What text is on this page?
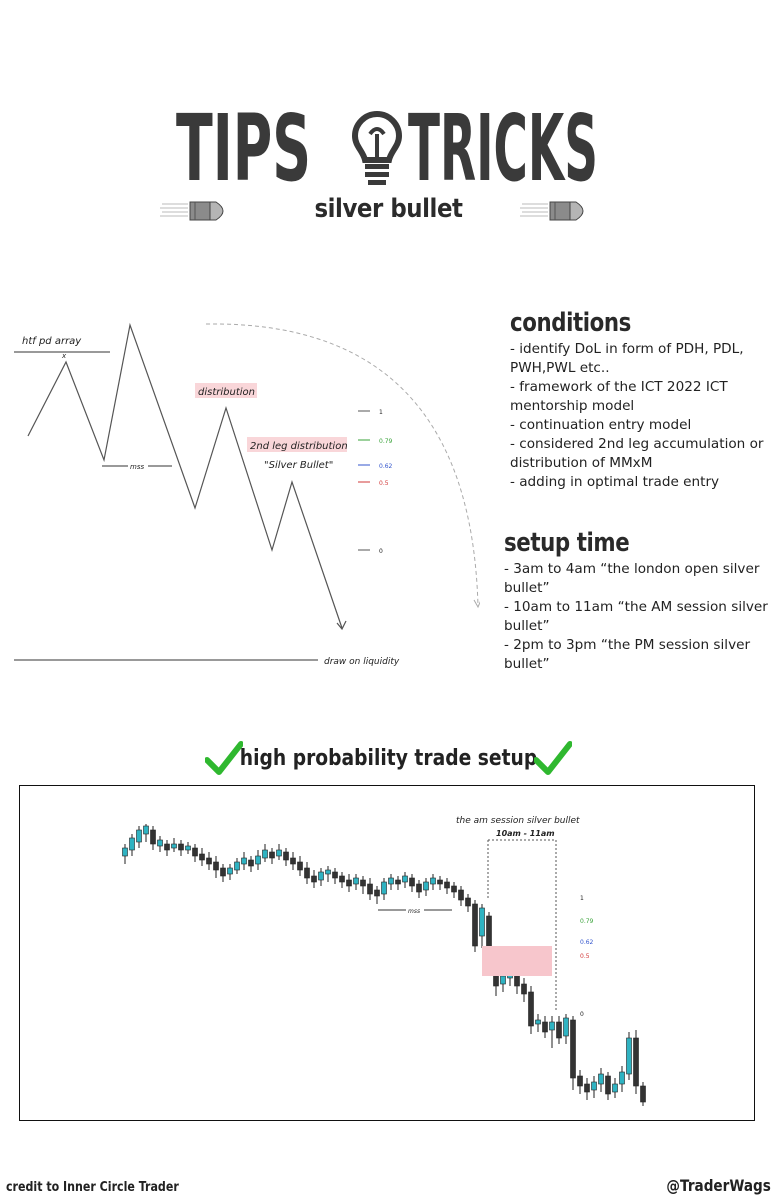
TIPS TRICKS
silver bullet
htf pd array
x
mss
distribution
2nd leg distribution
"Silver Bullet"
1
0.79
0.62
0.5
0
draw on liquidity
conditions
- identify DoL in form of PDH, PDL, PWH,PWL etc..
- framework of the ICT 2022 ICT mentorship model
- continuation entry model
- considered 2nd leg accumulation or distribution of MMxM
- adding in optimal trade entry
setup time
- 3am to 4am “the london open silver bullet”
- 10am to 11am “the AM session silver bullet”
- 2pm to 3pm “the PM session silver bullet”
high probability trade setup
the am session silver bullet
10am - 11am
mss
1
0.79
0.62
0.5
0
credit to Inner Circle Trader	@TraderWags
